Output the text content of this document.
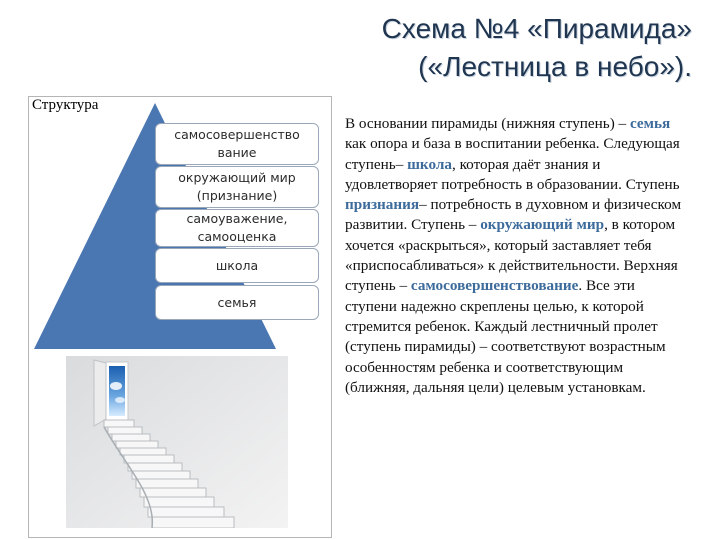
Схема №4 «Пирамида»
(«Лестница в небо»).
Структура
самосовершенство
вание
окружающий мир
(признание)
самоуважение,
самооценка
школа
семья
В основании пирамиды (нижняя ступень) – семья как опора и база в воспитании ребенка. Следующая ступень– школа, которая даёт знания и удовлетворяет потребность в образовании. Ступень признания– потребность в духовном и физическом развитии. Ступень – окружающий мир, в котором хочется «раскрыться», который заставляет тебя «приспосабливаться» к действительности. Верхняя ступень – самосовершенствование. Все эти ступени надежно скреплены целью, к которой стремится ребенок. Каждый лестничный пролет (ступень пирамиды) – соответствуют возрастным особенностям ребенка и соответствующим (ближняя, дальняя цели) целевым установкам.
